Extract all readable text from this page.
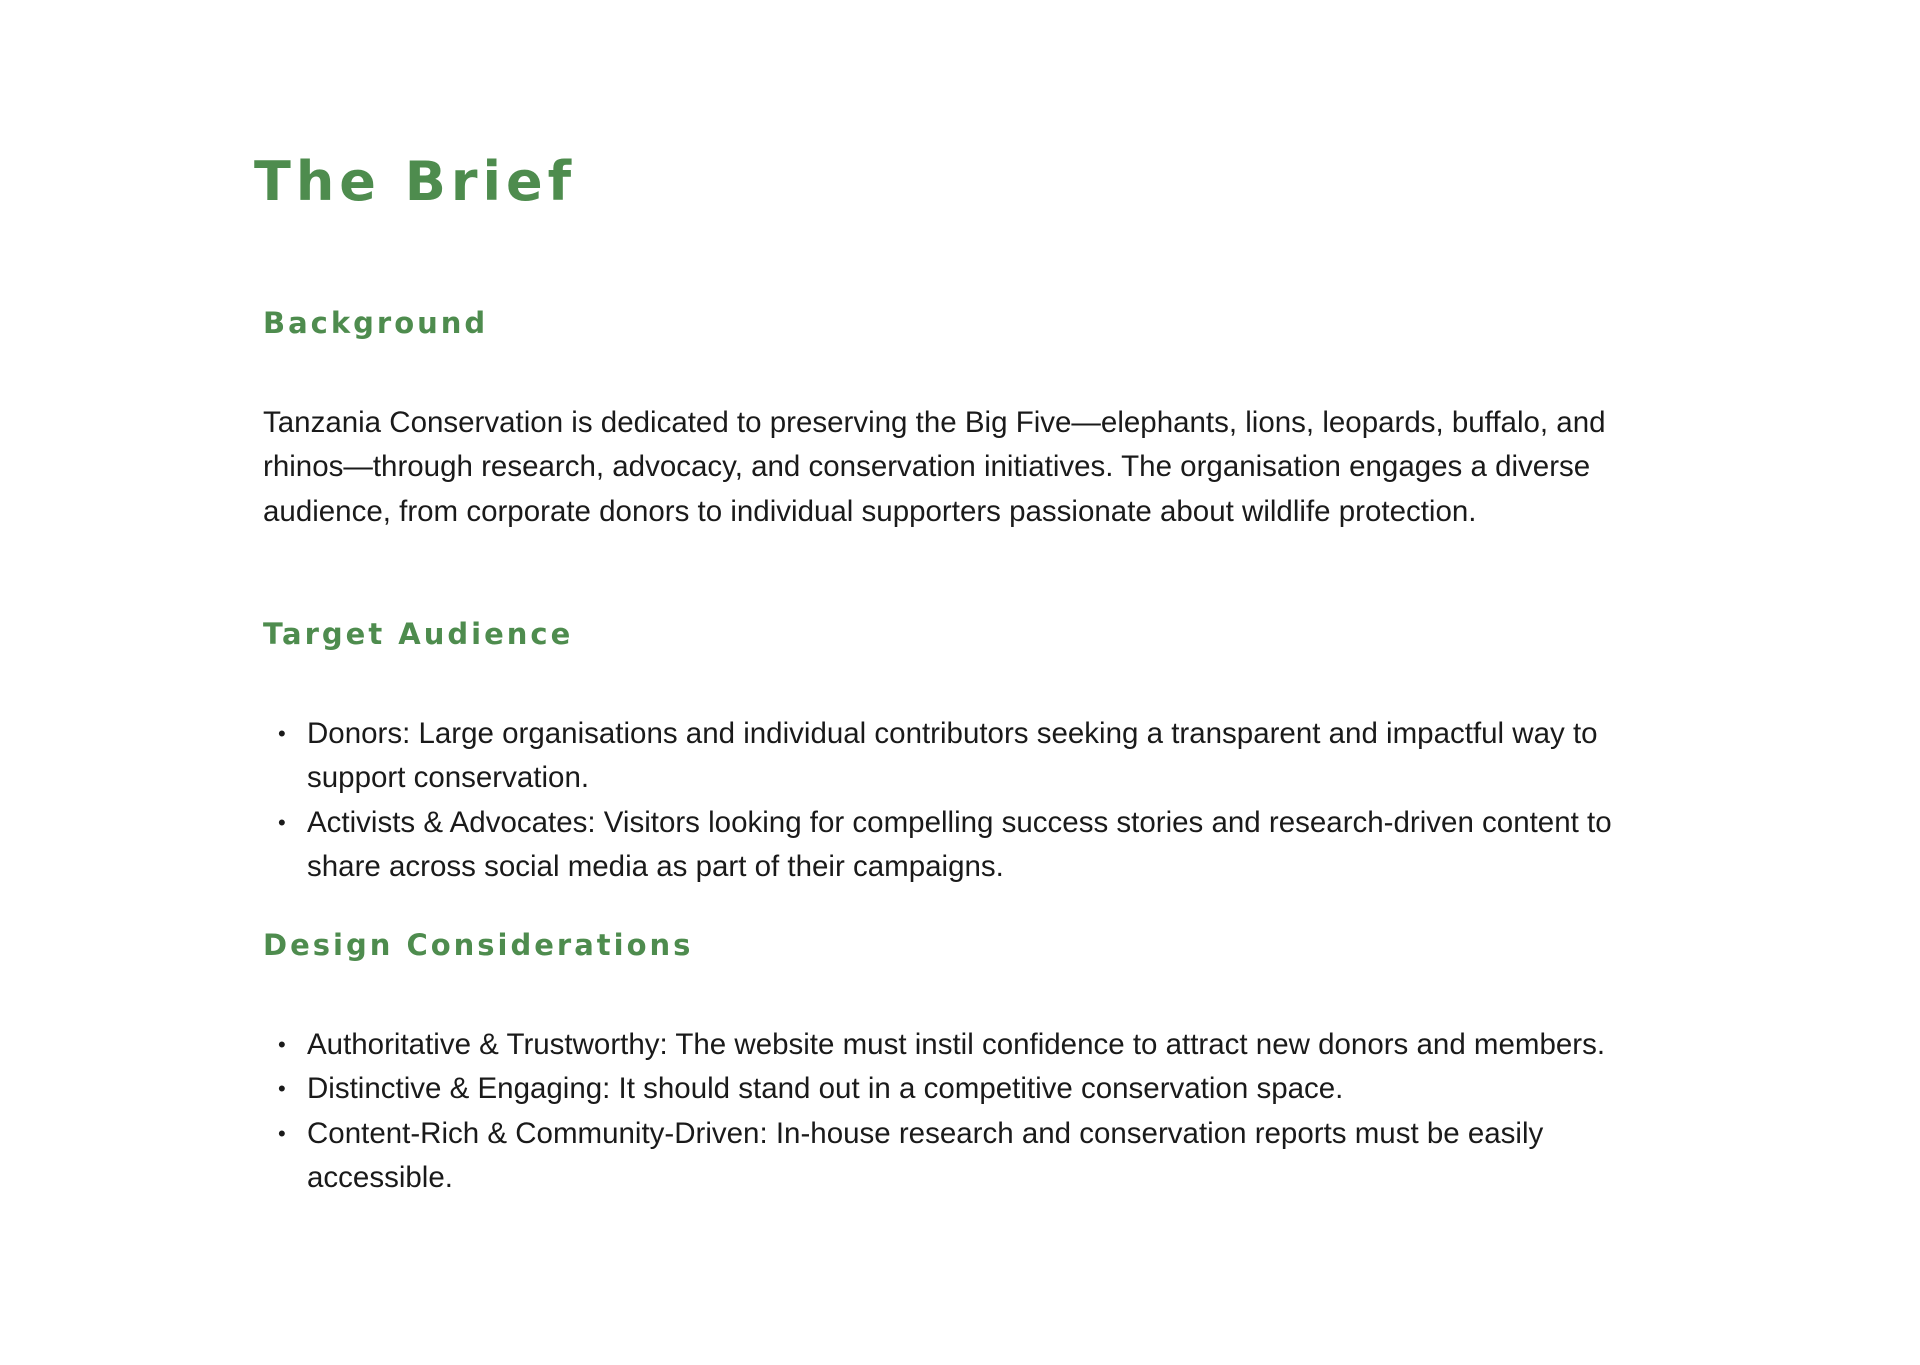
The Brief
Background

Tanzania Conservation is dedicated to preserving the Big Five—elephants, lions, leopards, buffalo, and rhinos—through research, advocacy, and conservation initiatives. The organisation engages a diverse audience, from corporate donors to individual supporters passionate about wildlife protection.

Target Audience
• Donors: Large organisations and individual contributors seeking a transparent and impactful way to support conservation.
• Activists & Advocates: Visitors looking for compelling success stories and research-driven content to share across social media as part of their campaigns.
Design Considerations
• Authoritative & Trustworthy: The website must instil confidence to attract new donors and members.
• Distinctive & Engaging: It should stand out in a competitive conservation space.
• Content-Rich & Community-Driven: In-house research and conservation reports must be easily accessible.
